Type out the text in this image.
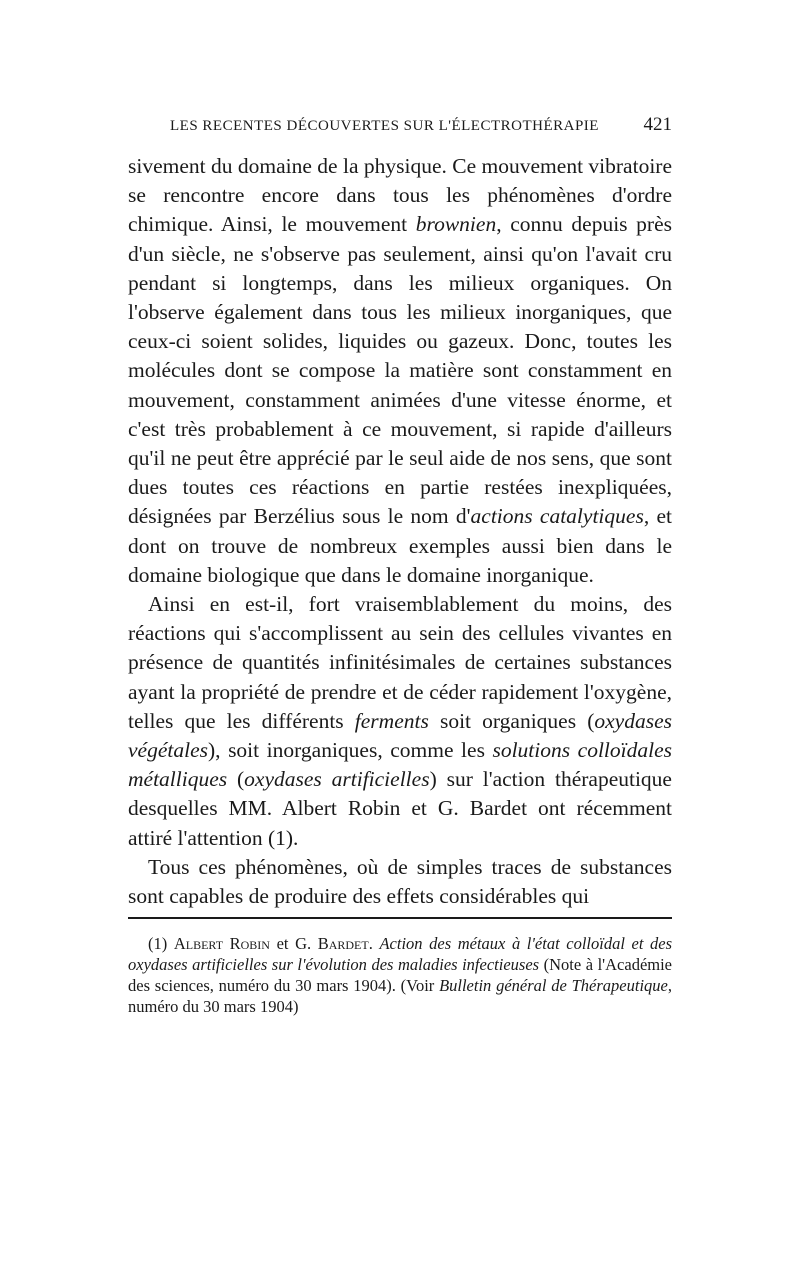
LES RECENTES DÉCOUVERTES SUR L'ÉLECTROTHÉRAPIE 421

sivement du domaine de la physique. Ce mouvement vibratoire se rencontre encore dans tous les phénomènes d'ordre chimique. Ainsi, le mouvement brownien, connu depuis près d'un siècle, ne s'observe pas seulement, ainsi qu'on l'avait cru pendant si longtemps, dans les milieux organiques. On l'observe également dans tous les milieux inorganiques, que ceux-ci soient solides, liquides ou gazeux. Donc, toutes les molécules dont se compose la matière sont constamment en mouvement, constamment animées d'une vitesse énorme, et c'est très probablement à ce mouvement, si rapide d'ailleurs qu'il ne peut être apprécié par le seul aide de nos sens, que sont dues toutes ces réactions en partie restées inexpliquées, désignées par Berzélius sous le nom d'actions catalytiques, et dont on trouve de nombreux exemples aussi bien dans le domaine biologique que dans le domaine inorganique.

Ainsi en est-il, fort vraisemblablement du moins, des réactions qui s'accomplissent au sein des cellules vivantes en présence de quantités infinitésimales de certaines substances ayant la propriété de prendre et de céder rapidement l'oxygène, telles que les différents ferments soit organiques (oxydases végétales), soit inorganiques, comme les solutions colloïdales métalliques (oxydases artificielles) sur l'action thérapeutique desquelles MM. Albert Robin et G. Bardet ont récemment attiré l'attention (1).

Tous ces phénomènes, où de simples traces de substances sont capables de produire des effets considérables qui

(1) Albert Robin et G. Bardet. Action des métaux à l'état colloïdal et des oxydases artificielles sur l'évolution des maladies infectieuses (Note à l'Académie des sciences, numéro du 30 mars 1904). (Voir Bulletin général de Thérapeutique, numéro du 30 mars 1904)
